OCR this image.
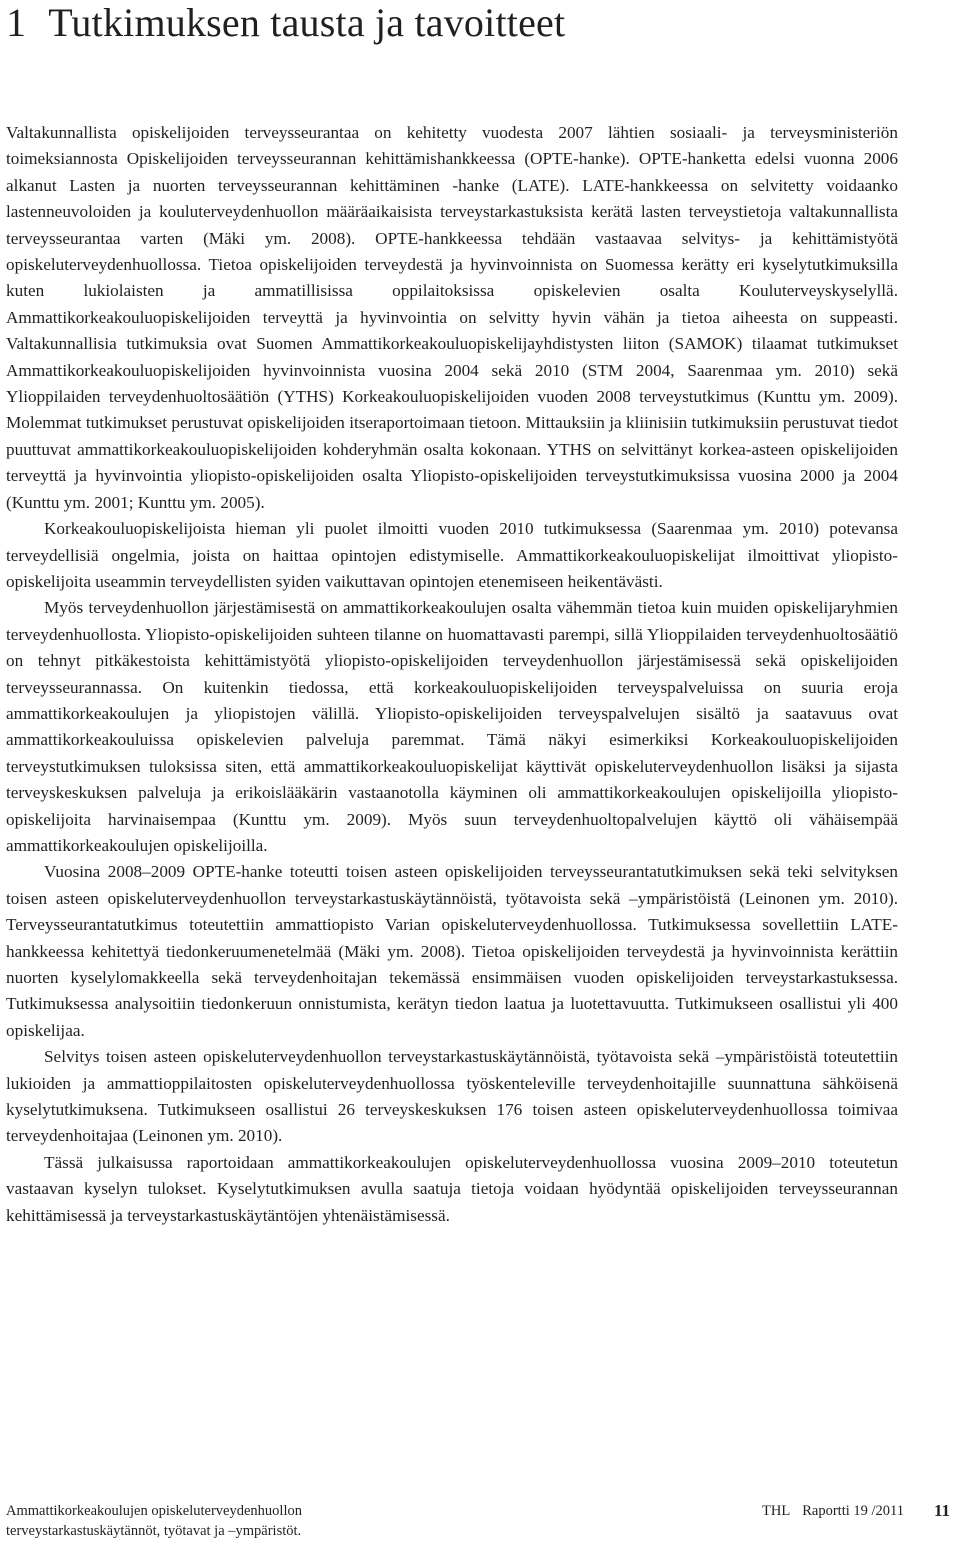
1 Tutkimuksen tausta ja tavoitteet

Valtakunnallista opiskelijoiden terveysseurantaa on kehitetty vuodesta 2007 lähtien sosiaali- ja terveysministeriön toimeksiannosta Opiskelijoiden terveysseurannan kehittämishankkeessa (OPTE-hanke). OPTE-hanketta edelsi vuonna 2006 alkanut Lasten ja nuorten terveysseurannan kehittäminen -hanke (LATE). LATE-hankkeessa on selvitetty voidaanko lastenneuvoloiden ja kouluterveydenhuollon määräaikaisista terveystarkastuksista kerätä lasten terveystietoja valtakunnallista terveysseurantaa varten (Mäki ym. 2008). OPTE-hankkeessa tehdään vastaavaa selvitys- ja kehittämistyötä opiskeluterveydenhuollossa. Tietoa opiskelijoiden terveydestä ja hyvinvoinnista on Suomessa kerätty eri kyselytutkimuksilla kuten lukiolaisten ja ammatillisissa oppilaitoksissa opiskelevien osalta Kouluterveyskyselyllä. Ammattikorkeakouluopiskelijoiden terveyttä ja hyvinvointia on selvitty hyvin vähän ja tietoa aiheesta on suppeasti. Valtakunnallisia tutkimuksia ovat Suomen Ammattikorkeakouluopiskelijayhdistysten liiton (SAMOK) tilaamat tutkimukset Ammattikorkeakouluopiskelijoiden hyvinvoinnista vuosina 2004 sekä 2010 (STM 2004, Saarenmaa ym. 2010) sekä Ylioppilaiden terveydenhuoltosäätiön (YTHS) Korkeakouluopiskelijoiden vuoden 2008 terveystutkimus (Kunttu ym. 2009). Molemmat tutkimukset perustuvat opiskelijoiden itseraportoimaan tietoon. Mittauksiin ja kliinisiin tutkimuksiin perustuvat tiedot puuttuvat ammattikorkeakouluopiskelijoiden kohderyhmän osalta kokonaan. YTHS on selvittänyt korkea-asteen opiskelijoiden terveyttä ja hyvinvointia yliopisto-opiskelijoiden osalta Yliopisto-opiskelijoiden terveystutkimuksissa vuosina 2000 ja 2004 (Kunttu ym. 2001; Kunttu ym. 2005).

Korkeakouluopiskelijoista hieman yli puolet ilmoitti vuoden 2010 tutkimuksessa (Saarenmaa ym. 2010) potevansa terveydellisiä ongelmia, joista on haittaa opintojen edistymiselle. Ammattikorkeakouluopiskelijat ilmoittivat yliopisto-opiskelijoita useammin terveydellisten syiden vaikuttavan opintojen etenemiseen heikentävästi.

Myös terveydenhuollon järjestämisestä on ammattikorkeakoulujen osalta vähemmän tietoa kuin muiden opiskelijaryhmien terveydenhuollosta. Yliopisto-opiskelijoiden suhteen tilanne on huomattavasti parempi, sillä Ylioppilaiden terveydenhuoltosäätiö on tehnyt pitkäkestoista kehittämistyötä yliopisto-opiskelijoiden terveydenhuollon järjestämisessä sekä opiskelijoiden terveysseurannassa. On kuitenkin tiedossa, että korkeakouluopiskelijoiden terveyspalveluissa on suuria eroja ammattikorkeakoulujen ja yliopistojen välillä. Yliopisto-opiskelijoiden terveyspalvelujen sisältö ja saatavuus ovat ammattikorkeakouluissa opiskelevien palveluja paremmat. Tämä näkyi esimerkiksi Korkeakouluopiskelijoiden terveystutkimuksen tuloksissa siten, että ammattikorkeakouluopiskelijat käyttivät opiskeluterveydenhuollon lisäksi ja sijasta terveyskeskuksen palveluja ja erikoislääkärin vastaanotolla käyminen oli ammattikorkeakoulujen opiskelijoilla yliopisto-opiskelijoita harvinaisempaa (Kunttu ym. 2009). Myös suun terveydenhuoltopalvelujen käyttö oli vähäisempää ammattikorkeakoulujen opiskelijoilla.

Vuosina 2008–2009 OPTE-hanke toteutti toisen asteen opiskelijoiden terveysseurantatutkimuksen sekä teki selvityksen toisen asteen opiskeluterveydenhuollon terveystarkastuskäytännöistä, työtavoista sekä –ympäristöistä (Leinonen ym. 2010). Terveysseurantatutkimus toteutettiin ammattiopisto Varian opiskeluterveydenhuollossa. Tutkimuksessa sovellettiin LATE-hankkeessa kehitettyä tiedonkeruumenetelmää (Mäki ym. 2008). Tietoa opiskelijoiden terveydestä ja hyvinvoinnista kerättiin nuorten kyselylomakkeella sekä terveydenhoitajan tekemässä ensimmäisen vuoden opiskelijoiden terveystarkastuksessa. Tutkimuksessa analysoitiin tiedonkeruun onnistumista, kerätyn tiedon laatua ja luotettavuutta. Tutkimukseen osallistui yli 400 opiskelijaa.

Selvitys toisen asteen opiskeluterveydenhuollon terveystarkastuskäytännöistä, työtavoista sekä –ympäristöistä toteutettiin lukioiden ja ammattioppilaitosten opiskeluterveydenhuollossa työskenteleville terveydenhoitajille suunnattuna sähköisenä kyselytutkimuksena. Tutkimukseen osallistui 26 terveyskeskuksen 176 toisen asteen opiskeluterveydenhuollossa toimivaa terveydenhoitajaa (Leinonen ym. 2010).

Tässä julkaisussa raportoidaan ammattikorkeakoulujen opiskeluterveydenhuollossa vuosina 2009–2010 toteutetun vastaavan kyselyn tulokset. Kyselytutkimuksen avulla saatuja tietoja voidaan hyödyntää opiskelijoiden terveysseurannan kehittämisessä ja terveystarkastuskäytäntöjen yhtenäistämisessä.

Ammattikorkeakoulujen opiskeluterveydenhuollon
terveystarkastuskäytännöt, työtavat ja –ympäristöt.
THL Raportti 19 /2011 11
